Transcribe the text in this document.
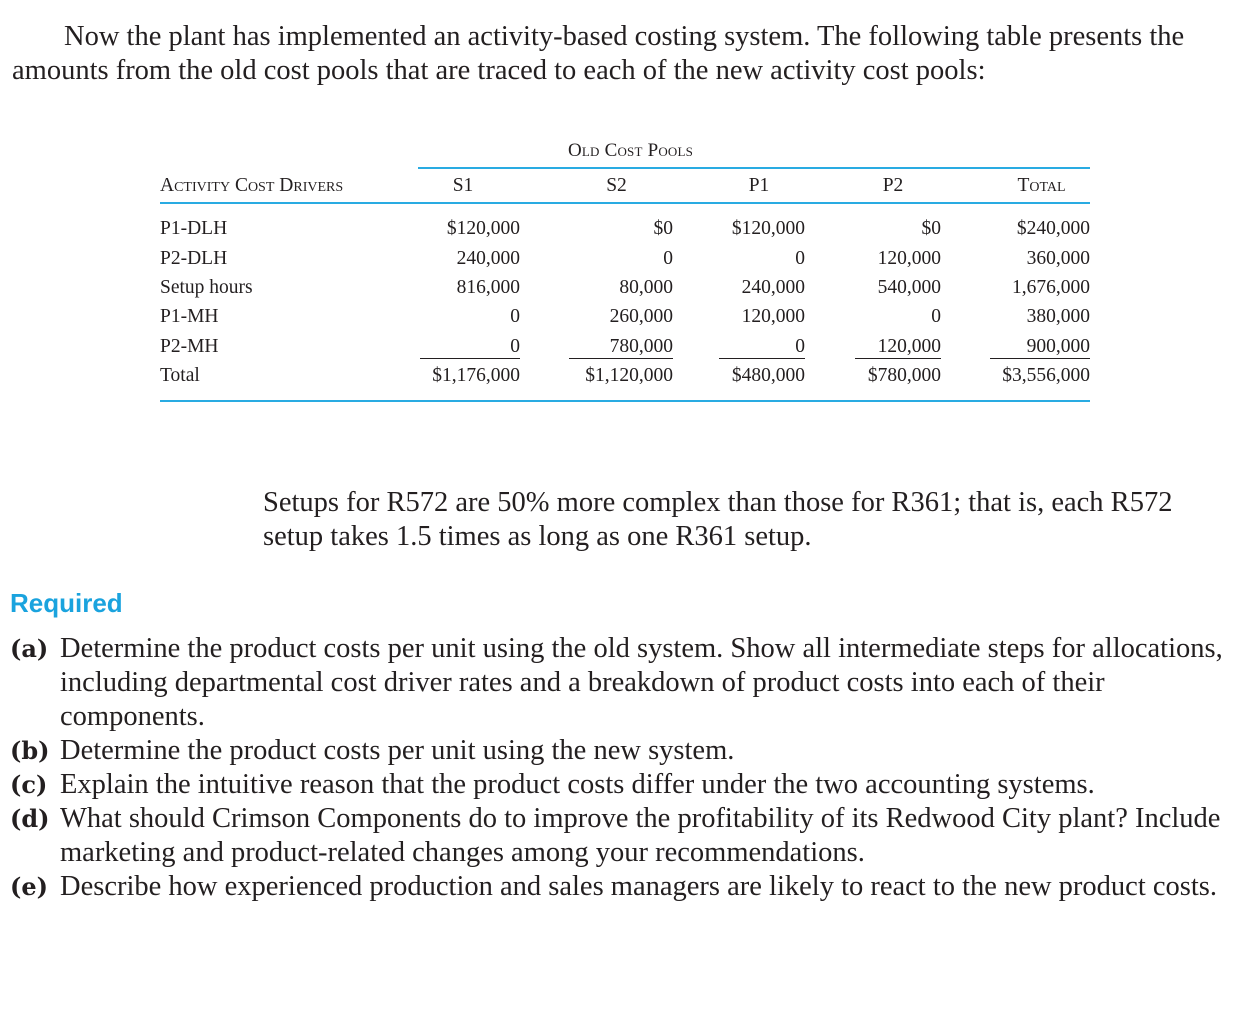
Now the plant has implemented an activity-based costing system. The following table presents the amounts from the old cost pools that are traced to each of the new activity cost pools:

Old Cost Pools
Activity Cost Drivers	S1	S2	P1	P2	Total
P1-DLH	$120,000	$0	$120,000	$0	$240,000
P2-DLH	240,000	0	0	120,000	360,000
Setup hours	816,000	80,000	240,000	540,000	1,676,000
P1-MH	0	260,000	120,000	0	380,000
P2-MH	0	780,000	0	120,000	900,000
Total	$1,176,000	$1,120,000	$480,000	$780,000	$3,556,000

Setups for R572 are 50% more complex than those for R361; that is, each R572 setup takes 1.5 times as long as one R361 setup.

Required
(a) Determine the product costs per unit using the old system. Show all intermediate steps for allocations, including departmental cost driver rates and a breakdown of product costs into each of their components.
(b) Determine the product costs per unit using the new system.
(c) Explain the intuitive reason that the product costs differ under the two accounting systems.
(d) What should Crimson Components do to improve the profitability of its Redwood City plant? Include marketing and product-related changes among your recommendations.
(e) Describe how experienced production and sales managers are likely to react to the new product costs.
